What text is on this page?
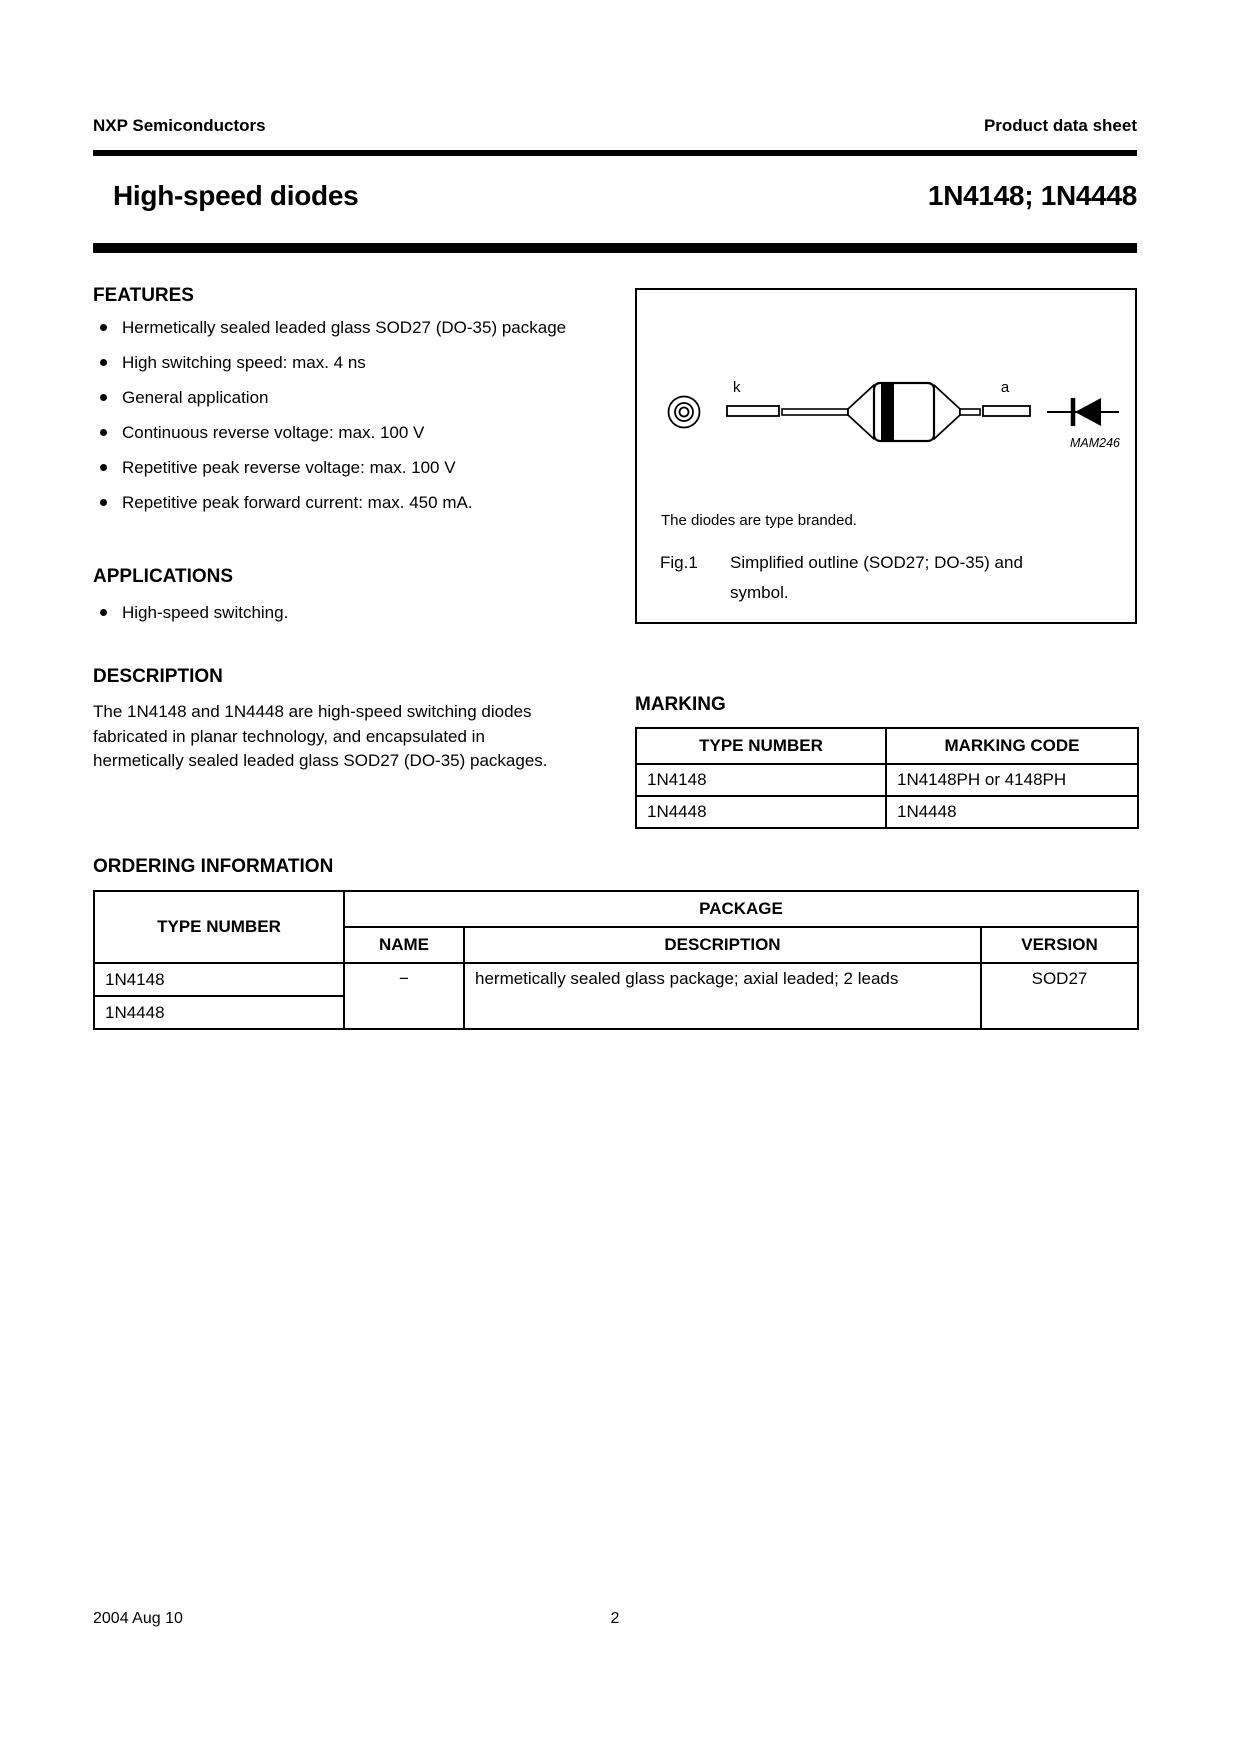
NXP Semiconductors	Product data sheet
High-speed diodes	1N4148; 1N4448
FEATURES
Hermetically sealed leaded glass SOD27 (DO-35) package
High switching speed: max. 4 ns
General application
Continuous reverse voltage: max. 100 V
Repetitive peak reverse voltage: max. 100 V
Repetitive peak forward current: max. 450 mA.
APPLICATIONS
High-speed switching.
DESCRIPTION
The 1N4148 and 1N4448 are high-speed switching diodes fabricated in planar technology, and encapsulated in hermetically sealed leaded glass SOD27 (DO-35) packages.
k	a
MAM246
The diodes are type branded.
Fig.1	Simplified outline (SOD27; DO-35) and symbol.
MARKING
TYPE NUMBER	MARKING CODE
1N4148	1N4148PH or 4148PH
1N4448	1N4448
ORDERING INFORMATION
TYPE NUMBER	PACKAGE		
	NAME	DESCRIPTION	VERSION
1N4148	−	hermetically sealed glass package; axial leaded; 2 leads	SOD27
1N4448			
2004 Aug 10	2
